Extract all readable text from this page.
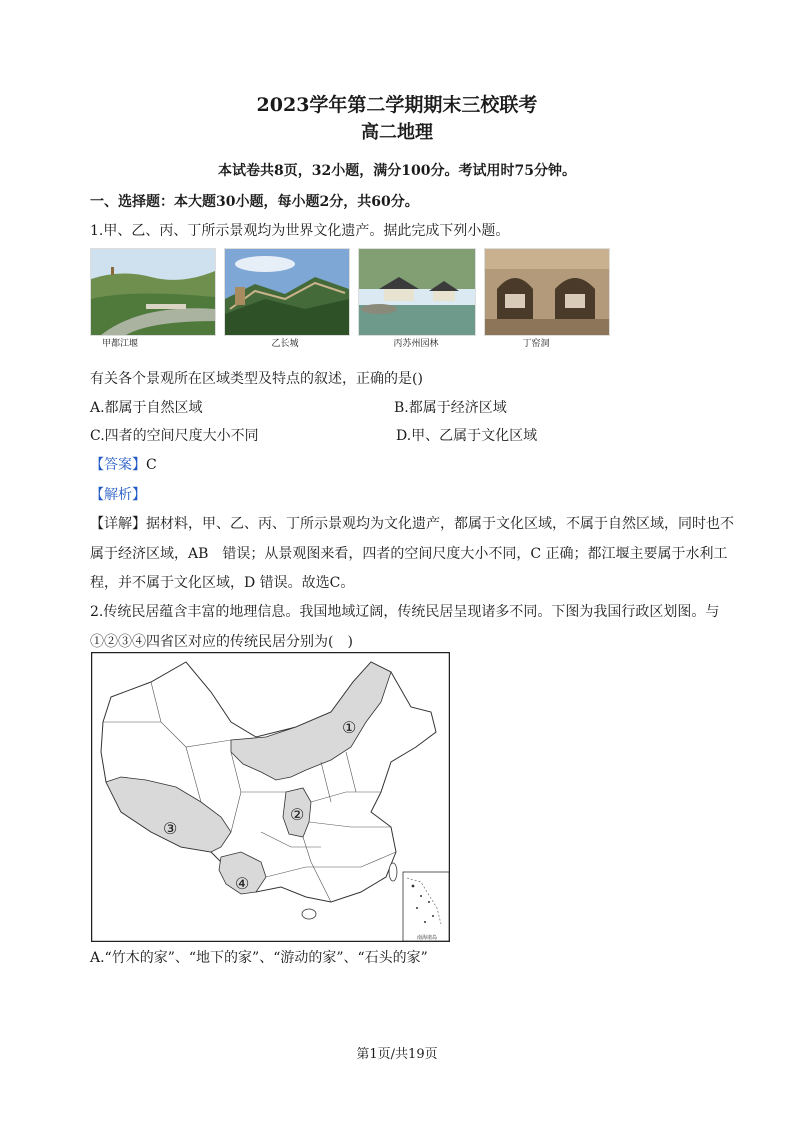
2023学年第二学期期末三校联考
高二地理
本试卷共8页，32小题，满分100分。考试用时75分钟。
一、选择题：本大题30小题，每小题2分，共60分。
1.甲、乙、丙、丁所示景观均为世界文化遗产。据此完成下列小题。
甲都江堰	乙长城	丙苏州园林	丁窑洞
有关各个景观所在区域类型及特点的叙述，正确的是()
A.都属于自然区域	B.都属于经济区域
C.四者的空间尺度大小不同	D.甲、乙属于文化区域
【答案】C
【解析】
【详解】据材料，甲、乙、丙、丁所示景观均为文化遗产，都属于文化区域，不属于自然区域，同时也不
属于经济区域，AB　错误；从景观图来看，四者的空间尺度大小不同，C 正确；都江堰主要属于水利工
程，并不属于文化区域，D 错误。故选C。
2.传统民居蕴含丰富的地理信息。我国地域辽阔，传统民居呈现诸多不同。下图为我国行政区划图。与
①②③④四省区对应的传统民居分别为(　)
①
②
③
④
南海诸岛
A.“竹木的家”、“地下的家”、“游动的家”、“石头的家”
第1页/共19页
